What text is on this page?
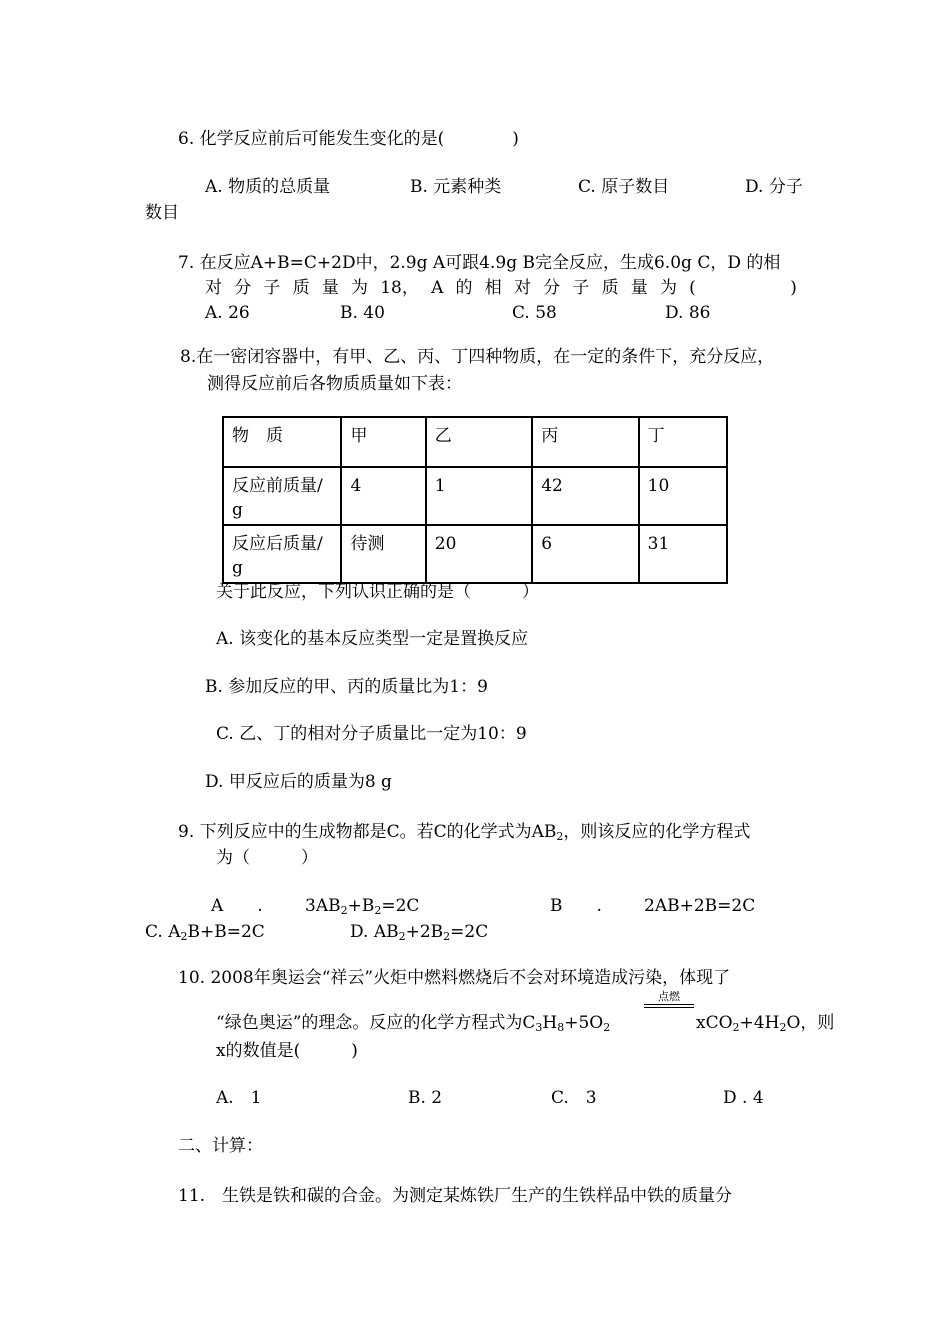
6. 化学反应前后可能发生变化的是(　　　　)
A. 物质的总质量	B. 元素种类	C. 原子数目	D. 分子
数目
7. 在反应A+B=C+2D中，2.9g A可跟4.9g B完全反应，生成6.0g C，D 的相
对 分 子 质 量 为 18， A 的 相 对 分 子 质 量 为 (	)
A. 26	B. 40	C. 58	D. 86
8.在一密闭容器中，有甲、乙、丙、丁四种物质，在一定的条件下，充分反应，
测得反应前后各物质质量如下表：
物　质	甲	乙	丙	丁
反应前质量/g	4	1	42	10
反应后质量/g	待测	20	6	31
关于此反应，下列认识正确的是（　　　）
A. 该变化的基本反应类型一定是置换反应
B. 参加反应的甲、丙的质量比为1：9
C. 乙、丁的相对分子质量比一定为10：9
D. 甲反应后的质量为8 g
9. 下列反应中的生成物都是C。若C的化学式为$AB_2$，则该反应的化学方程式
为（　　　）
A　　. $3AB_2+B_2=2C$	B　　. 2AB+2B=2C
C. $A_2B+B=2C$	D. $AB_2+2B_2=2C$
10. 2008年奥运会“祥云”火炬中燃料燃烧后不会对环境造成污染，体现了
“绿色奥运”的理念。反应的化学方程式为$C_3H_8+5O_2$
点燃
$xCO_2+4H_2O$，则
x的数值是(　　　)
A.　1	B. 2	C.　3	D . 4
二、计算：
11.　生铁是铁和碳的合金。为测定某炼铁厂生产的生铁样品中铁的质量分
